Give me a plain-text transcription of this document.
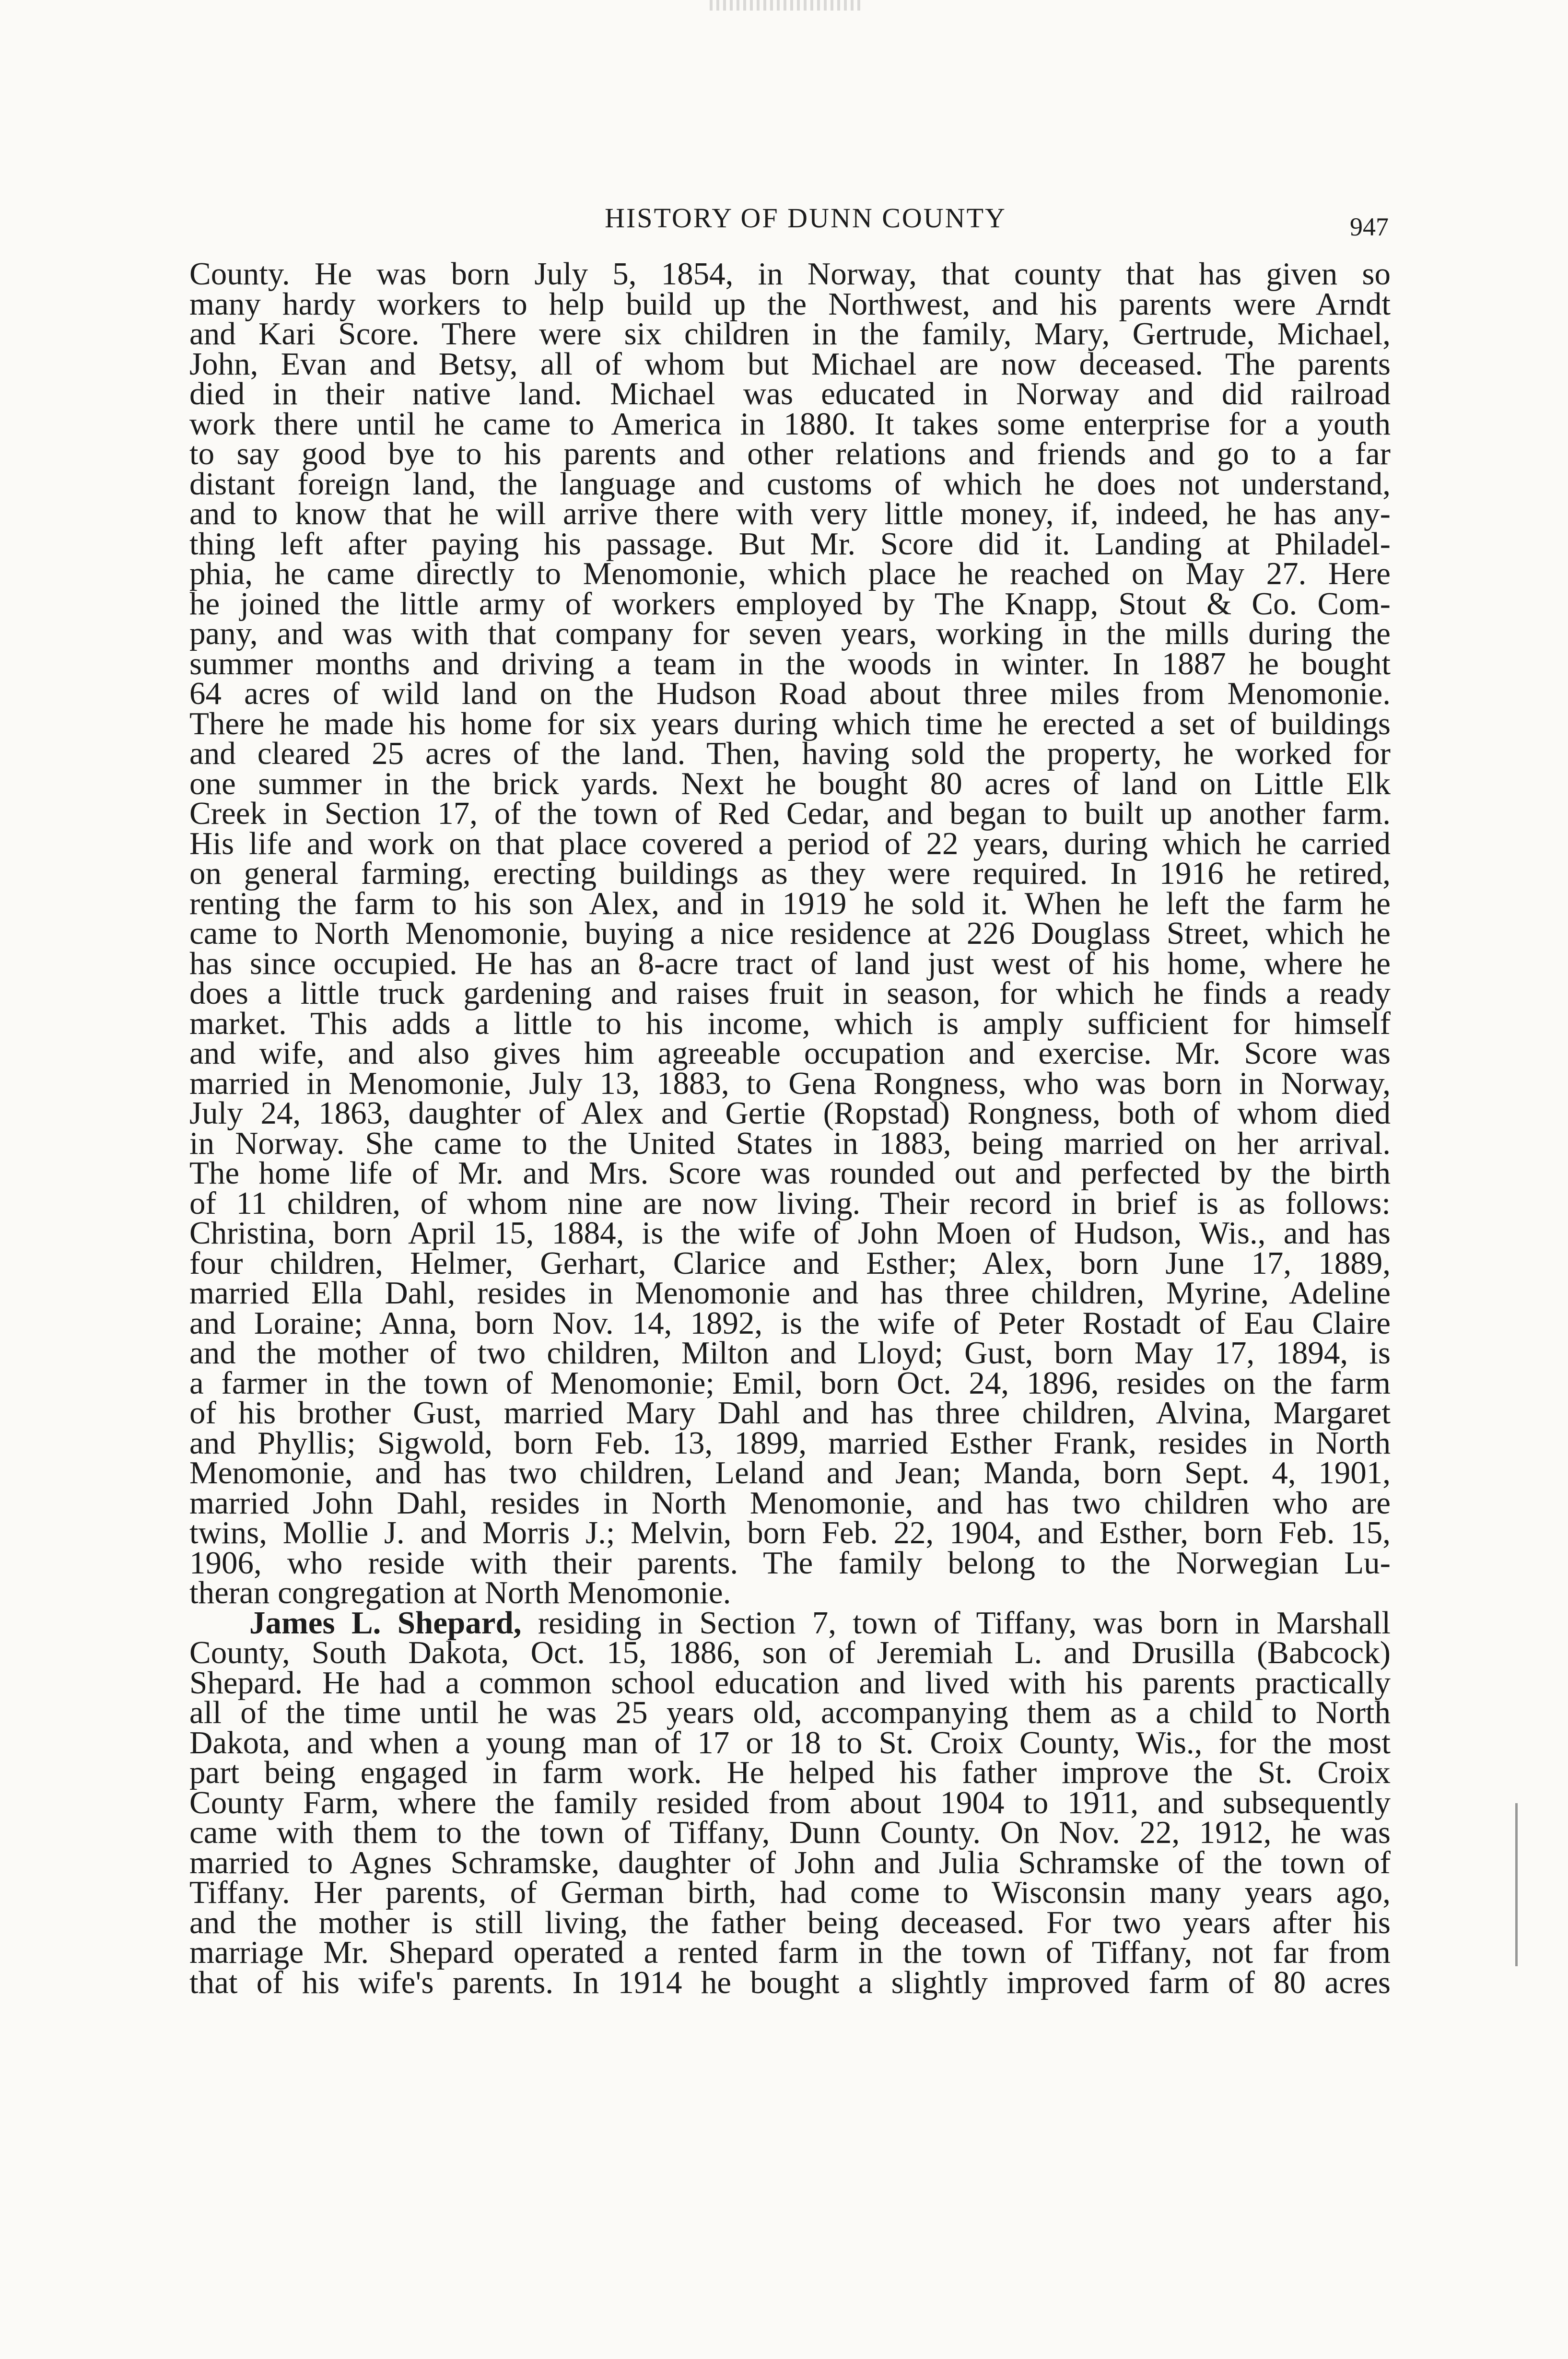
HISTORY OF DUNN COUNTY	947
County. He was born July 5, 1854, in Norway, that county that has given so
many hardy workers to help build up the Northwest, and his parents were Arndt
and Kari Score. There were six children in the family, Mary, Gertrude, Michael,
John, Evan and Betsy, all of whom but Michael are now deceased. The parents
died in their native land. Michael was educated in Norway and did railroad
work there until he came to America in 1880. It takes some enterprise for a youth
to say good bye to his parents and other relations and friends and go to a far
distant foreign land, the language and customs of which he does not understand,
and to know that he will arrive there with very little money, if, indeed, he has any-
thing left after paying his passage. But Mr. Score did it. Landing at Philadel-
phia, he came directly to Menomonie, which place he reached on May 27. Here
he joined the little army of workers employed by The Knapp, Stout & Co. Com-
pany, and was with that company for seven years, working in the mills during the
summer months and driving a team in the woods in winter. In 1887 he bought
64 acres of wild land on the Hudson Road about three miles from Menomonie.
There he made his home for six years during which time he erected a set of buildings
and cleared 25 acres of the land. Then, having sold the property, he worked for
one summer in the brick yards. Next he bought 80 acres of land on Little Elk
Creek in Section 17, of the town of Red Cedar, and began to built up another farm.
His life and work on that place covered a period of 22 years, during which he carried
on general farming, erecting buildings as they were required. In 1916 he retired,
renting the farm to his son Alex, and in 1919 he sold it. When he left the farm he
came to North Menomonie, buying a nice residence at 226 Douglass Street, which he
has since occupied. He has an 8-acre tract of land just west of his home, where he
does a little truck gardening and raises fruit in season, for which he finds a ready
market. This adds a little to his income, which is amply sufficient for himself
and wife, and also gives him agreeable occupation and exercise. Mr. Score was
married in Menomonie, July 13, 1883, to Gena Rongness, who was born in Norway,
July 24, 1863, daughter of Alex and Gertie (Ropstad) Rongness, both of whom died
in Norway. She came to the United States in 1883, being married on her arrival.
The home life of Mr. and Mrs. Score was rounded out and perfected by the birth
of 11 children, of whom nine are now living. Their record in brief is as follows:
Christina, born April 15, 1884, is the wife of John Moen of Hudson, Wis., and has
four children, Helmer, Gerhart, Clarice and Esther; Alex, born June 17, 1889,
married Ella Dahl, resides in Menomonie and has three children, Myrine, Adeline
and Loraine; Anna, born Nov. 14, 1892, is the wife of Peter Rostadt of Eau Claire
and the mother of two children, Milton and Lloyd; Gust, born May 17, 1894, is
a farmer in the town of Menomonie; Emil, born Oct. 24, 1896, resides on the farm
of his brother Gust, married Mary Dahl and has three children, Alvina, Margaret
and Phyllis; Sigwold, born Feb. 13, 1899, married Esther Frank, resides in North
Menomonie, and has two children, Leland and Jean; Manda, born Sept. 4, 1901,
married John Dahl, resides in North Menomonie, and has two children who are
twins, Mollie J. and Morris J.; Melvin, born Feb. 22, 1904, and Esther, born Feb. 15,
1906, who reside with their parents. The family belong to the Norwegian Lu-
theran congregation at North Menomonie.
James L. Shepard, residing in Section 7, town of Tiffany, was born in Marshall
County, South Dakota, Oct. 15, 1886, son of Jeremiah L. and Drusilla (Babcock)
Shepard. He had a common school education and lived with his parents practically
all of the time until he was 25 years old, accompanying them as a child to North
Dakota, and when a young man of 17 or 18 to St. Croix County, Wis., for the most
part being engaged in farm work. He helped his father improve the St. Croix
County Farm, where the family resided from about 1904 to 1911, and subsequently
came with them to the town of Tiffany, Dunn County. On Nov. 22, 1912, he was
married to Agnes Schramske, daughter of John and Julia Schramske of the town of
Tiffany. Her parents, of German birth, had come to Wisconsin many years ago,
and the mother is still living, the father being deceased. For two years after his
marriage Mr. Shepard operated a rented farm in the town of Tiffany, not far from
that of his wife's parents. In 1914 he bought a slightly improved farm of 80 acres
